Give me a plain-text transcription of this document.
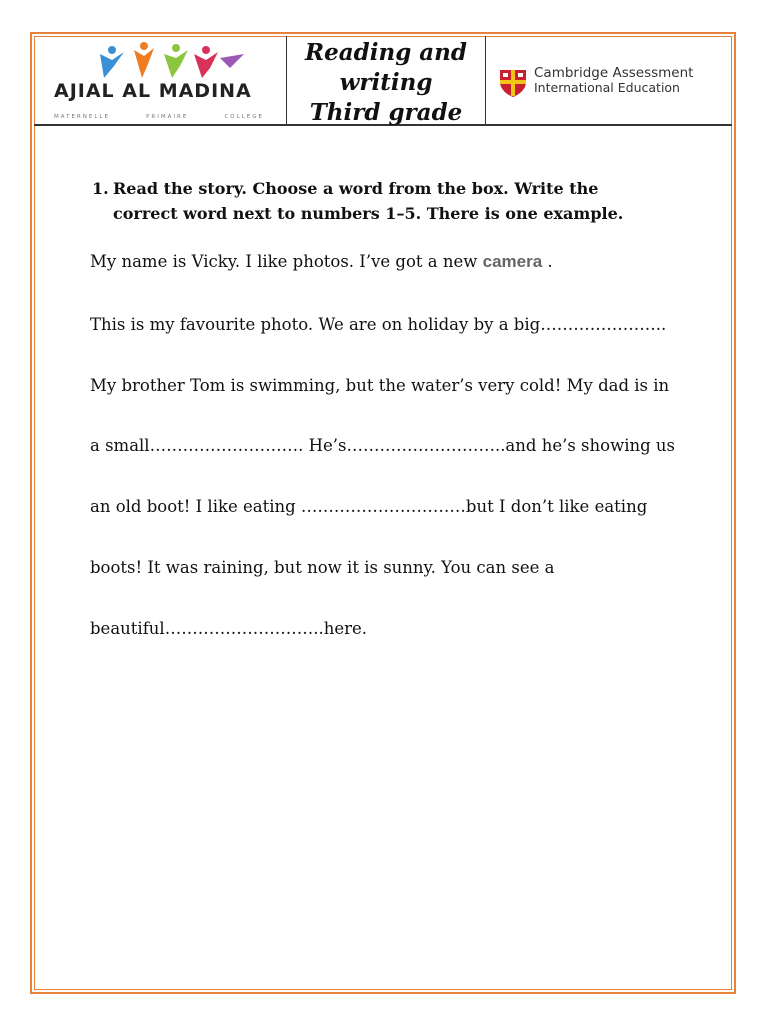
AJIAL AL MADINA
MATERNELLE	PRIMAIRE	COLLEGE
Reading and
writing
Third grade
Cambridge Assessment
International Education
1. Read the story. Choose a word from the box. Write the correct word next to numbers 1–5. There is one example.
My name is Vicky. I like photos. I’ve got a new camera .
This is my favourite photo. We are on holiday by a big…………………..
My brother Tom is swimming, but the water’s very cold! My dad is in
a small………………………. He’s………………………..and he’s showing us
an old boot! I like eating …………………………but I don’t like eating
boots! It was raining, but now it is sunny. You can see a
beautiful………………………..here.
